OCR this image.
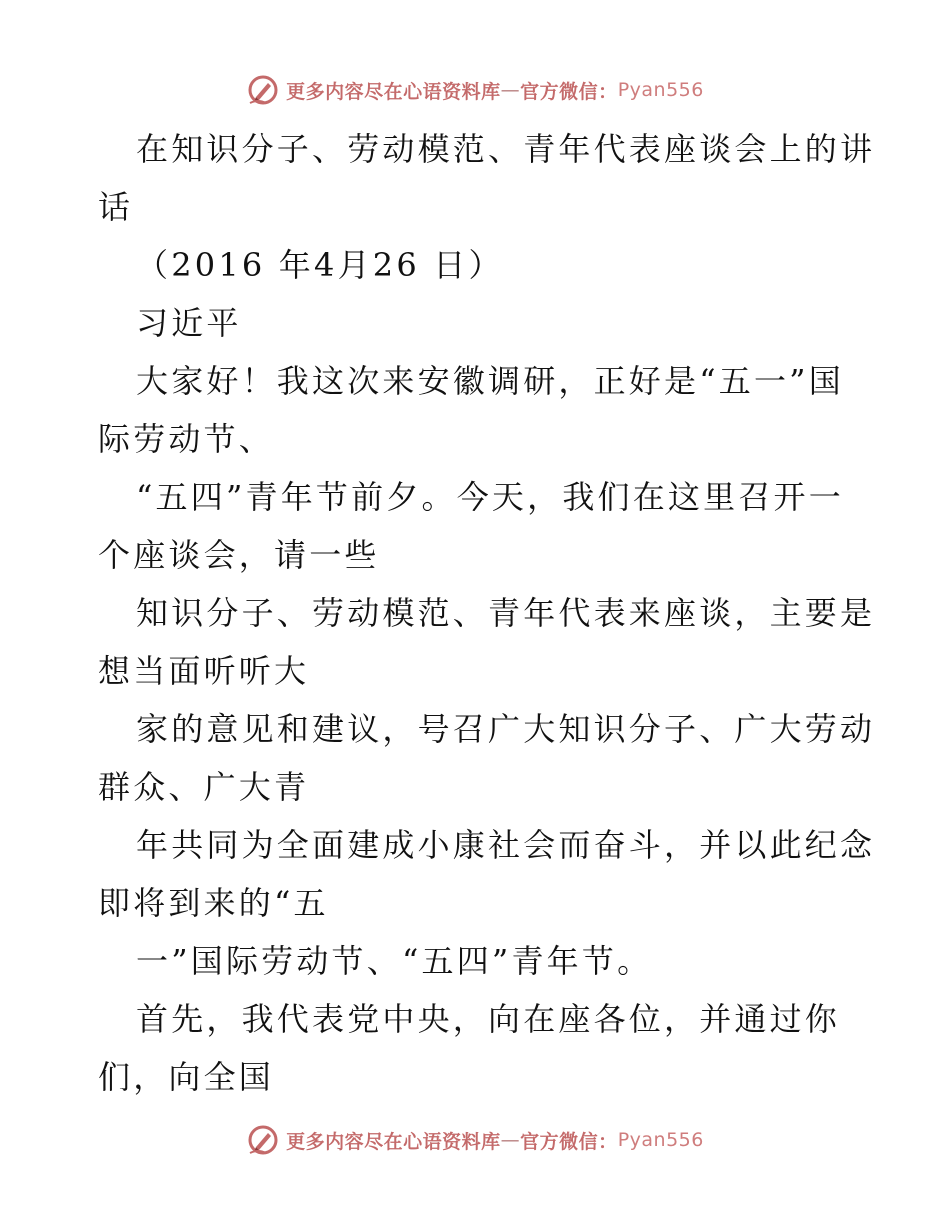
更多内容尽在心语资料库 — 官方微信： Pyan556
在知识分子、劳动模范、青年代表座谈会上的讲
话
（2016 年4月26 日）
习近平
大家好！我这次来安徽调研，正好是“五一”国
际劳动节、
“五四”青年节前夕。今天，我们在这里召开一
个座谈会，请一些
知识分子、劳动模范、青年代表来座谈，主要是
想当面听听大
家的意见和建议，号召广大知识分子、广大劳动
群众、广大青
年共同为全面建成小康社会而奋斗，并以此纪念
即将到来的“五
一”国际劳动节、“五四”青年节。
首先，我代表党中央，向在座各位，并通过你
们，向全国
更多内容尽在心语资料库 — 官方微信： Pyan556
